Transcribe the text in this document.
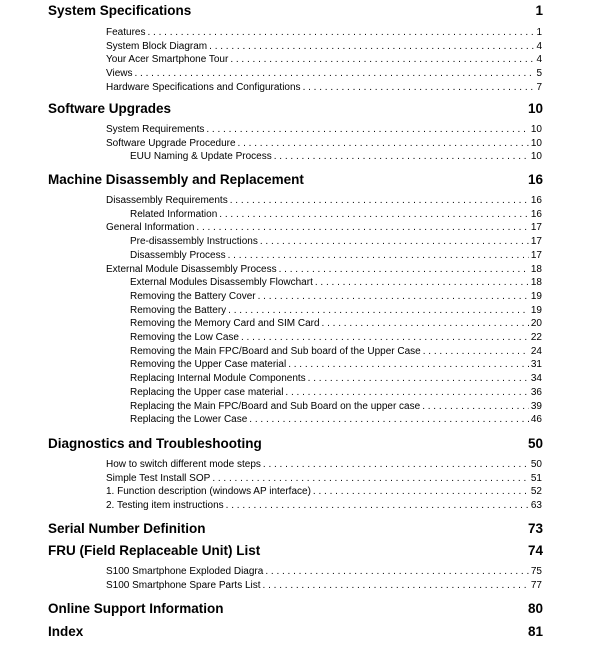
System Specifications	1
Features . . .	1
System Block Diagram . . .	4
Your Acer Smartphone Tour . . .	4
Views . . .	5
Hardware Specifications and Configurations . . .	7
Software Upgrades	10
System Requirements . . .	10
Software Upgrade Procedure . . .	10
EUU Naming & Update Process . . .	10
Machine Disassembly and Replacement	16
Disassembly Requirements . . .	16
Related Information . . .	16
General Information . . .	17
Pre-disassembly Instructions . . .	17
Disassembly Process . . .	17
External Module Disassembly Process . . .	18
External Modules Disassembly Flowchart . . .	18
Removing the Battery Cover . . .	19
Removing the Battery . . .	19
Removing the Memory Card and SIM Card . . .	20
Removing the Low Case . . .	22
Removing the Main FPC/Board and Sub board of the Upper Case . . .	24
Removing the Upper Case material . . .	31
Replacing Internal Module Components . . .	34
Replacing the Upper case material . . .	36
Replacing the Main FPC/Board and Sub Board on the upper case . . .	39
Replacing the Lower Case . . .	46
Diagnostics and Troubleshooting	50
How to switch different mode steps . . .	50
Simple Test Install SOP . . .	51
1. Function description (windows AP interface) . . .	52
2. Testing item instructions . . .	63
Serial Number Definition	73
FRU (Field Replaceable Unit) List	74
S100 Smartphone Exploded Diagra . . .	75
S100 Smartphone Spare Parts List . . .	77
Online Support Information	80
Index	81
